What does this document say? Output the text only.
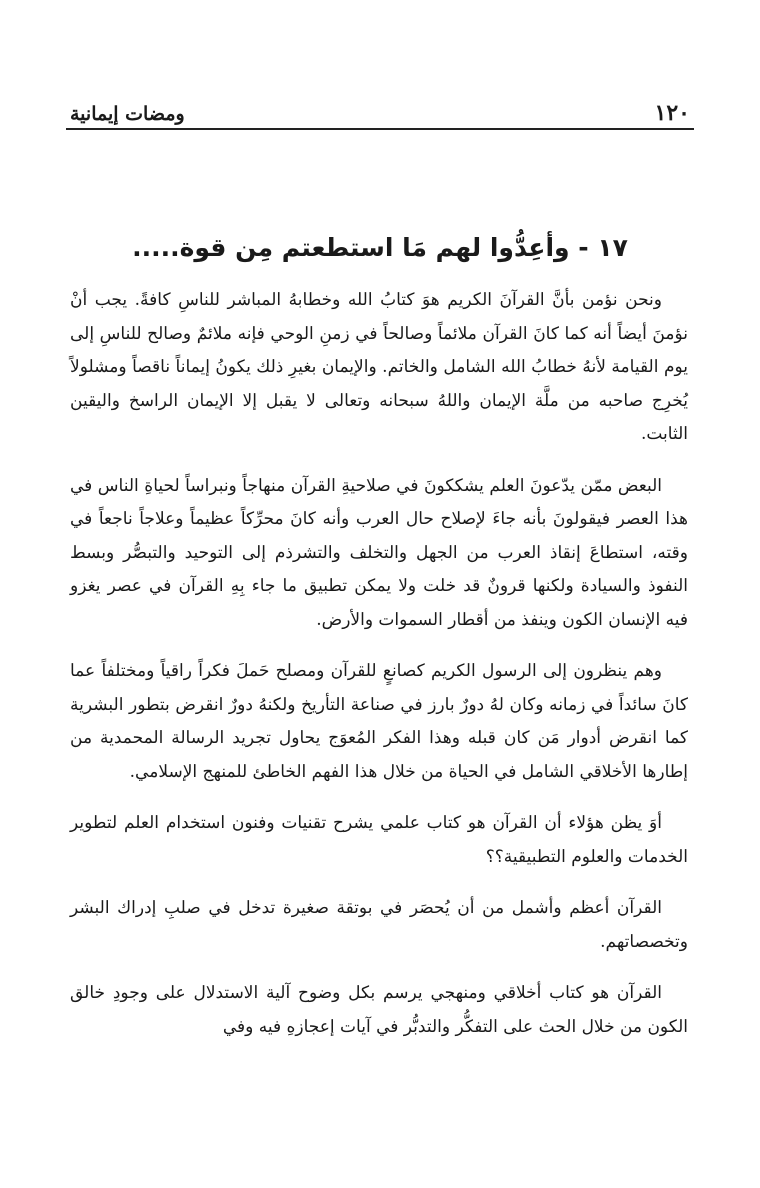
١٢٠
ومضات إيمانية
١٧ - وأعِدُّوا لهم مَا استطعتم مِن قوة.....

ونحن نؤمن بأنَّ القرآنَ الكريم هوَ كتابُ الله وخطابهُ المباشر للناسِ كافةً. يجب أنْ نؤمنَ أيضاً أنه كما كانَ القرآن ملائماً وصالحاً في زمنِ الوحي فإنه ملائمٌ وصالح للناسِ إلى يوم القيامة لأنهُ خطابُ الله الشامل والخاتم. والإيمان بغيرِ ذلك يكونُ إيماناً ناقصاً ومشلولاً يُخرِج صاحبه من ملَّة الإيمان واللهُ سبحانه وتعالى لا يقبل إلا الإيمان الراسخ واليقين الثابت.

البعض ممّن يدّعونَ العلم يشككونَ في صلاحيةِ القرآن منهاجاً ونبراساً لحياةِ الناس في هذا العصر فيقولونَ بأنه جاءَ لإصلاح حال العرب وأنه كانَ محرِّكاً عظيماً وعلاجاً ناجعاً في وقته، استطاعَ إنقاذ العرب من الجهل والتخلف والتشرذم إلى التوحيد والتبصُّر وبسط النفوذ والسيادة ولكنها قرونٌ قد خلت ولا يمكن تطبيق ما جاء بِهِ القرآن في عصر يغزو فيه الإنسان الكون وينفذ من أقطار السموات والأرض.

وهم ينظرون إلى الرسول الكريم كصانعٍ للقرآن ومصلح حَملَ فكراً راقياً ومختلفاً عما كانَ سائداً في زمانه وكان لهُ دورٌ بارز في صناعة التأريخ ولكنهُ دورٌ انقرض بتطور البشرية كما انقرض أدوار مَن كان قبله وهذا الفكر المُعوَج يحاول تجريد الرسالة المحمدية من إطارها الأخلاقي الشامل في الحياة من خلال هذا الفهم الخاطئ للمنهج الإسلامي.

أوَ يظن هؤلاء أن القرآن هو كتاب علمي يشرح تقنيات وفنون استخدام العلم لتطوير الخدمات والعلوم التطبيقية؟؟

القرآن أعظم وأشمل من أن يُحصَر في بوتقة صغيرة تدخل في صلبِ إدراك البشر وتخصصاتهم.

القرآن هو كتاب أخلاقي ومنهجي يرسم بكل وضوح آلية الاستدلال على وجودِ خالق الكون من خلال الحث على التفكُّر والتدبُّر في آيات إعجازهِ فيه وفي
